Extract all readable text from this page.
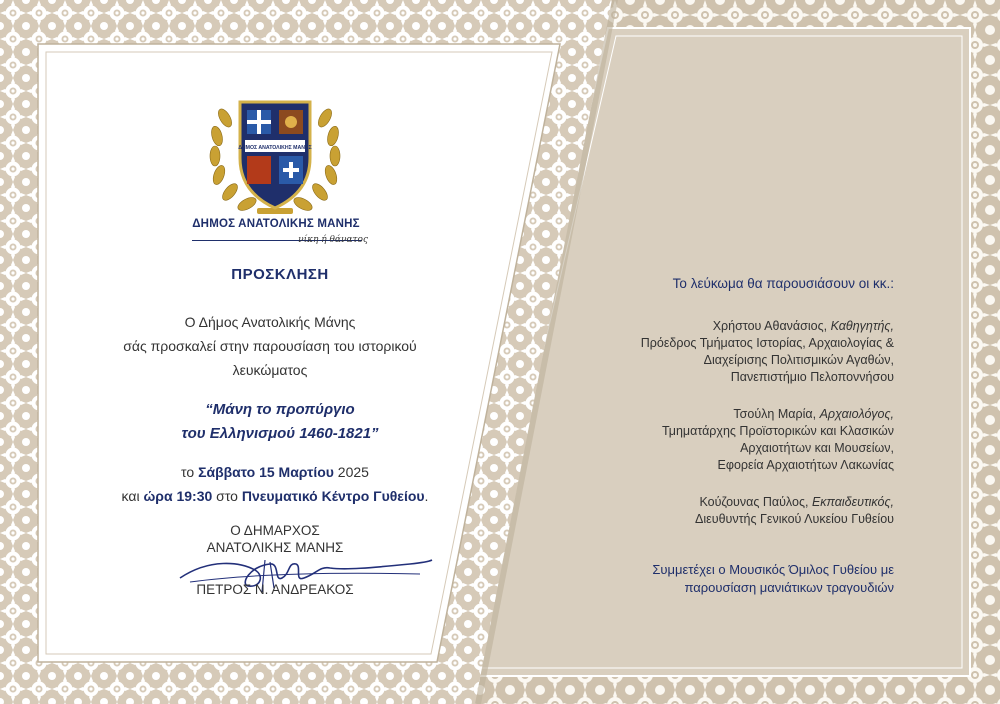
ΔΗΜΟΣ ΑΝΑΤΟΛΙΚΗΣ ΜΑΝΗΣ
ΔΗΜΟΣ ΑΝΑΤΟΛΙΚΗΣ ΜΑΝΗΣ
νίκη ή θάνατος
ΠΡΟΣΚΛΗΣΗ
Ο Δήμος Ανατολικής Μάνης
σάς προσκαλεί στην παρουσίαση του ιστορικού
λευκώματος
“Μάνη το προπύργιο
του Ελληνισμού 1460-1821”
το Σάββατο 15 Μαρτίου 2025
και ώρα 19:30 στο Πνευματικό Κέντρο Γυθείου.
Ο ΔΗΜΑΡΧΟΣ
ΑΝΑΤΟΛΙΚΗΣ ΜΑΝΗΣ
ΠΕΤΡΟΣ Ν. ΑΝΔΡΕΑΚΟΣ
Το λεύκωμα θα παρουσιάσουν οι κκ.:
Χρήστου Αθανάσιος, Καθηγητής,
Πρόεδρος Τμήματος Ιστορίας, Αρχαιολογίας &
Διαχείρισης Πολιτισμικών Αγαθών,
Πανεπιστήμιο Πελοποννήσου
Τσούλη Μαρία, Αρχαιολόγος,
Τμηματάρχης Προϊστορικών και Κλασικών
Αρχαιοτήτων και Μουσείων,
Εφορεία Αρχαιοτήτων Λακωνίας
Κούζουνας Παύλος, Εκπαιδευτικός,
Διευθυντής Γενικού Λυκείου Γυθείου
Συμμετέχει ο Μουσικός Όμιλος Γυθείου με
παρουσίαση μανιάτικων τραγουδιών
